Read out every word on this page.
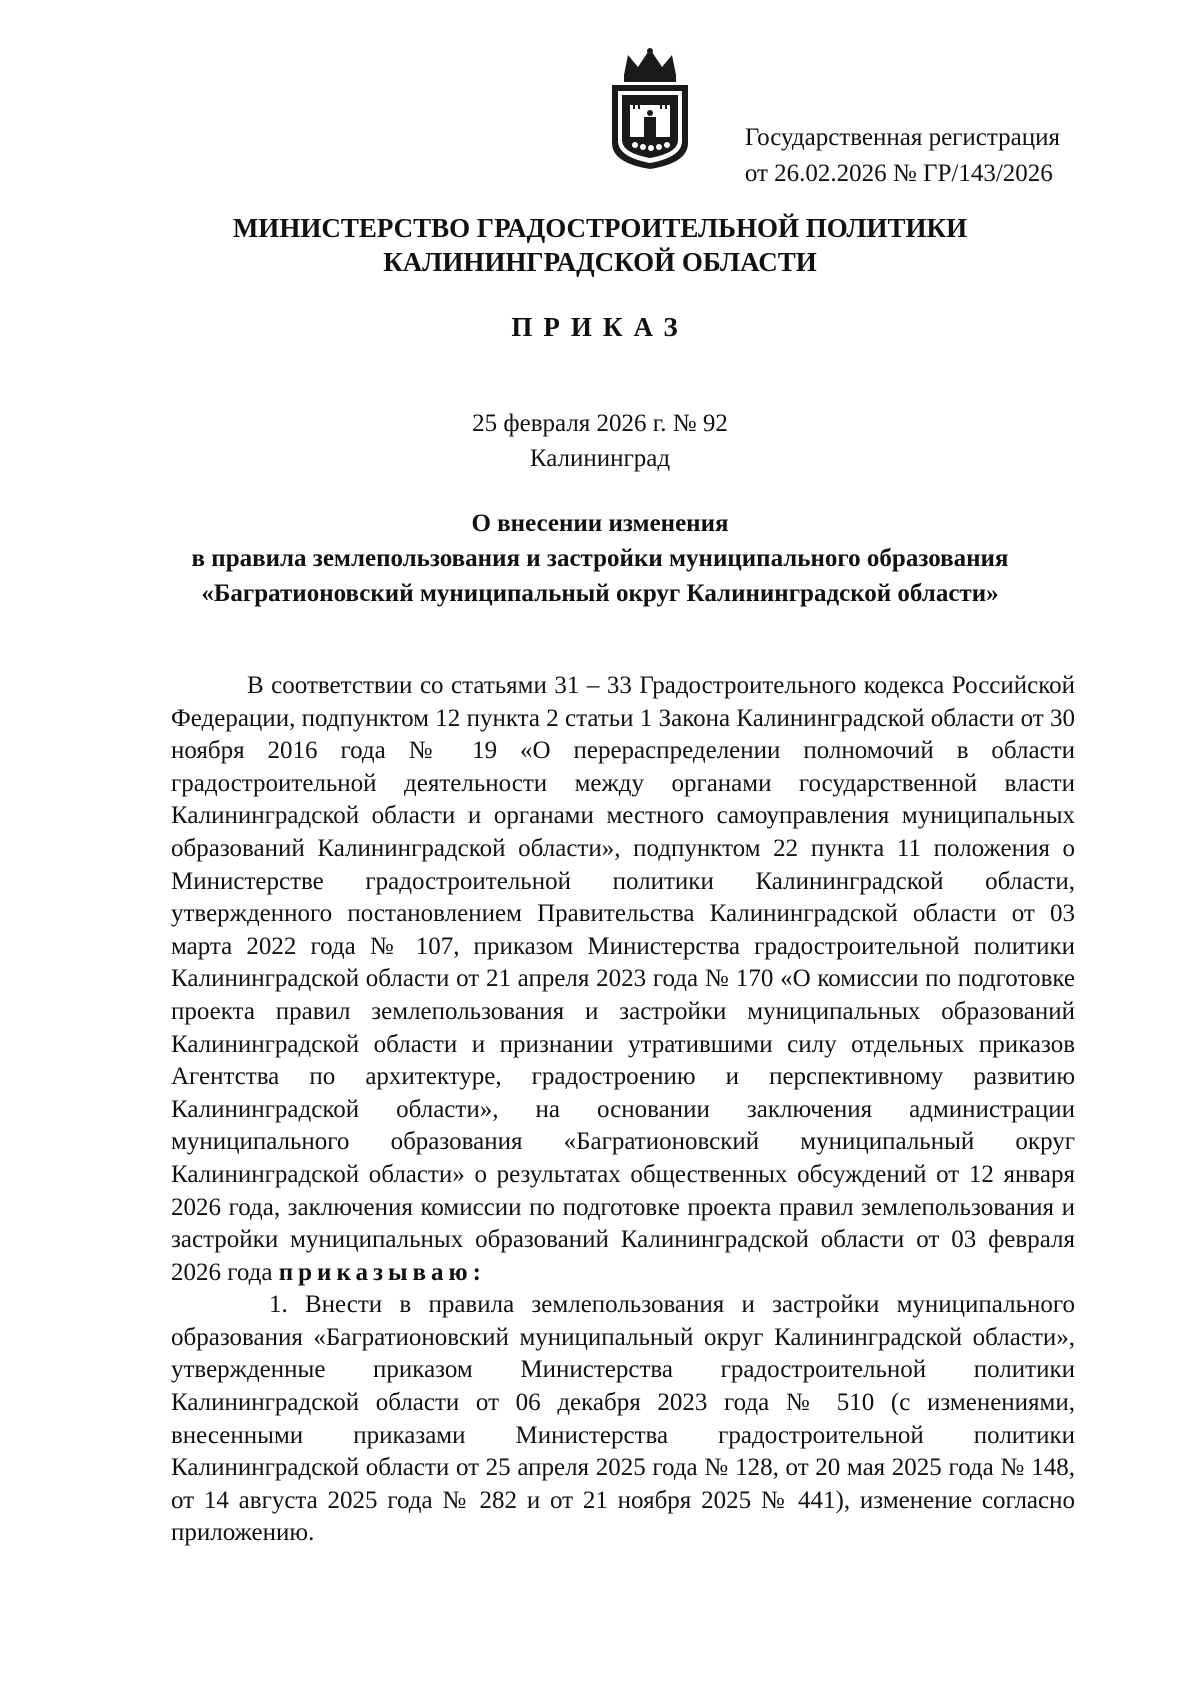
Государственная регистрация
от 26.02.2026 № ГР/143/2026
МИНИСТЕРСТВО ГРАДОСТРОИТЕЛЬНОЙ ПОЛИТИКИ
КАЛИНИНГРАДСКОЙ ОБЛАСТИ
ПРИКАЗ
25 февраля 2026 г. № 92
Калининград
О внесении изменения
в правила землепользования и застройки муниципального образования
«Багратионовский муниципальный округ Калининградской области»

В соответствии со статьями 31 – 33 Градостроительного кодекса Российской Федерации, подпунктом 12 пункта 2 статьи 1 Закона Калининградской области от 30 ноября 2016 года № 19 «О перераспределении полномочий в области градостроительной деятельности между органами государственной власти Калининградской области и органами местного самоуправления муниципальных образований Калининградской области», подпунктом 22 пункта 11 положения о Министерстве градостроительной политики Калининградской области, утвержденного постановлением Правительства Калининградской области от 03 марта 2022 года № 107, приказом Министерства градостроительной политики Калининградской области от 21 апреля 2023 года № 170 «О комиссии по подготовке проекта правил землепользования и застройки муниципальных образований Калининградской области и признании утратившими силу отдельных приказов Агентства по архитектуре, градостроению и перспективному развитию Калининградской области», на основании заключения администрации муниципального образования «Багратионовский муниципальный округ Калининградской области» о результатах общественных обсуждений от 12 января 2026 года, заключения комиссии по подготовке проекта правил землепользования и застройки муниципальных образований Калининградской области от 03 февраля 2026 года приказываю:

1. Внести в правила землепользования и застройки муниципального образования «Багратионовский муниципальный округ Калининградской области», утвержденные приказом Министерства градостроительной политики Калининградской области от 06 декабря 2023 года № 510 (с изменениями, внесенными приказами Министерства градостроительной политики Калининградской области от 25 апреля 2025 года № 128, от 20 мая 2025 года № 148, от 14 августа 2025 года № 282 и от 21 ноября 2025 № 441), изменение согласно приложению.
